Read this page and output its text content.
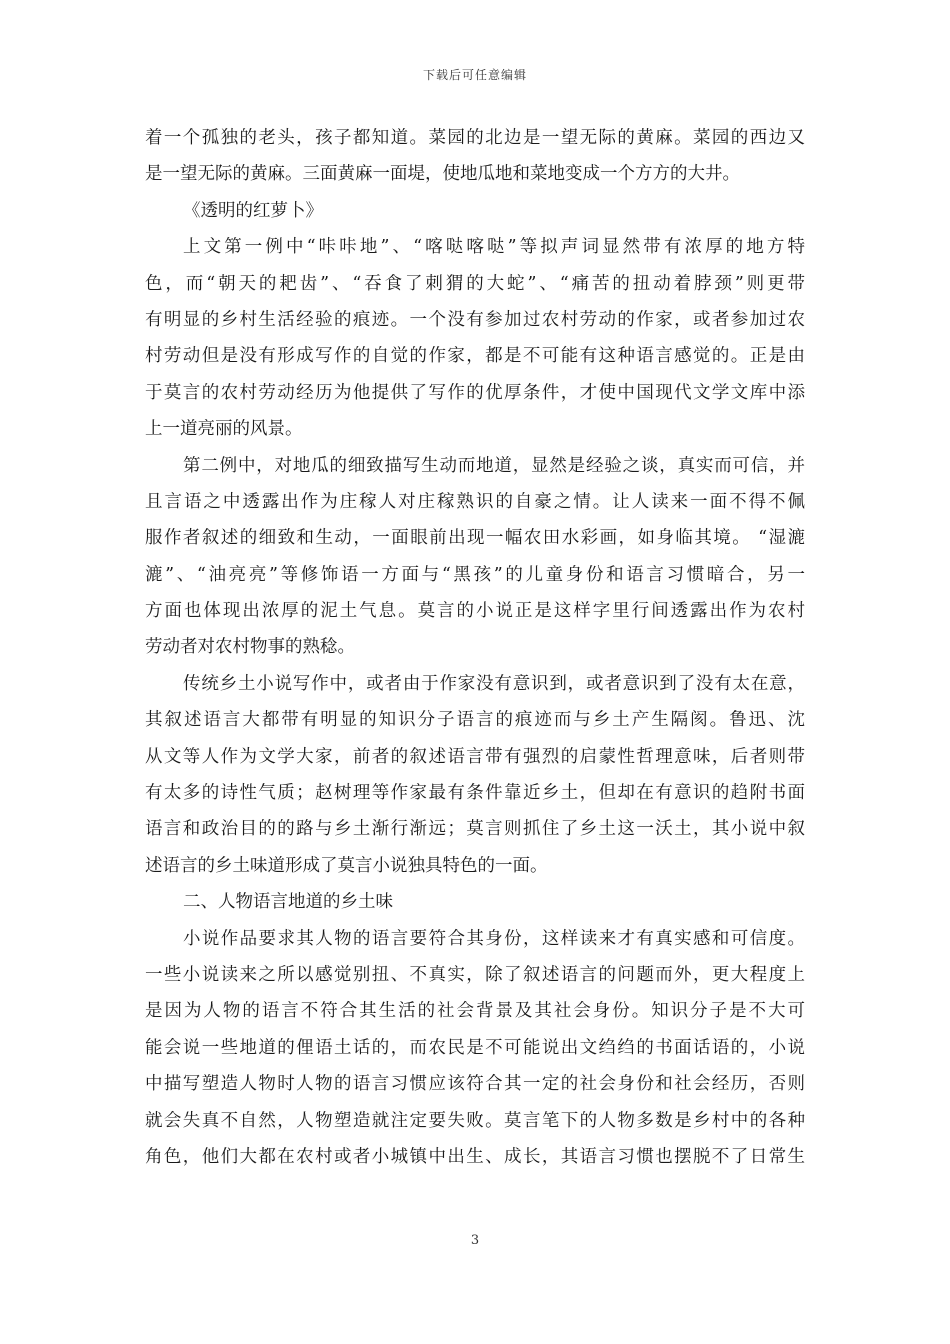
下载后可任意编辑
着一个孤独的老头，孩子都知道。菜园的北边是一望无际的黄麻。菜园的西边又
是一望无际的黄麻。三面黄麻一面堤，使地瓜地和菜地变成一个方方的大井。
《透明的红萝卜》
上文第一例中“咔咔地”、“喀哒喀哒”等拟声词显然带有浓厚的地方特
色，而“朝天的耙齿”、“吞食了刺猬的大蛇”、“痛苦的扭动着脖颈”则更带
有明显的乡村生活经验的痕迹。一个没有参加过农村劳动的作家，或者参加过农
村劳动但是没有形成写作的自觉的作家，都是不可能有这种语言感觉的。正是由
于莫言的农村劳动经历为他提供了写作的优厚条件，才使中国现代文学文库中添
上一道亮丽的风景。
第二例中，对地瓜的细致描写生动而地道，显然是经验之谈，真实而可信，并
且言语之中透露出作为庄稼人对庄稼熟识的自豪之情。让人读来一面不得不佩
服作者叙述的细致和生动，一面眼前出现一幅农田水彩画，如身临其境。 “湿漉
漉”、“油亮亮”等修饰语一方面与“黑孩”的儿童身份和语言习惯暗合，另一
方面也体现出浓厚的泥土气息。莫言的小说正是这样字里行间透露出作为农村
劳动者对农村物事的熟稔。
传统乡土小说写作中，或者由于作家没有意识到，或者意识到了没有太在意，
其叙述语言大都带有明显的知识分子语言的痕迹而与乡土产生隔阂。鲁迅、沈
从文等人作为文学大家，前者的叙述语言带有强烈的启蒙性哲理意味，后者则带
有太多的诗性气质；赵树理等作家最有条件靠近乡土，但却在有意识的趋附书面
语言和政治目的的路与乡土渐行渐远；莫言则抓住了乡土这一沃土，其小说中叙
述语言的乡土味道形成了莫言小说独具特色的一面。
二、人物语言地道的乡土味
小说作品要求其人物的语言要符合其身份，这样读来才有真实感和可信度。
一些小说读来之所以感觉别扭、不真实，除了叙述语言的问题而外，更大程度上
是因为人物的语言不符合其生活的社会背景及其社会身份。知识分子是不大可
能会说一些地道的俚语土话的，而农民是不可能说出文绉绉的书面话语的，小说
中描写塑造人物时人物的语言习惯应该符合其一定的社会身份和社会经历，否则
就会失真不自然，人物塑造就注定要失败。莫言笔下的人物多数是乡村中的各种
角色，他们大都在农村或者小城镇中出生、成长，其语言习惯也摆脱不了日常生
3
